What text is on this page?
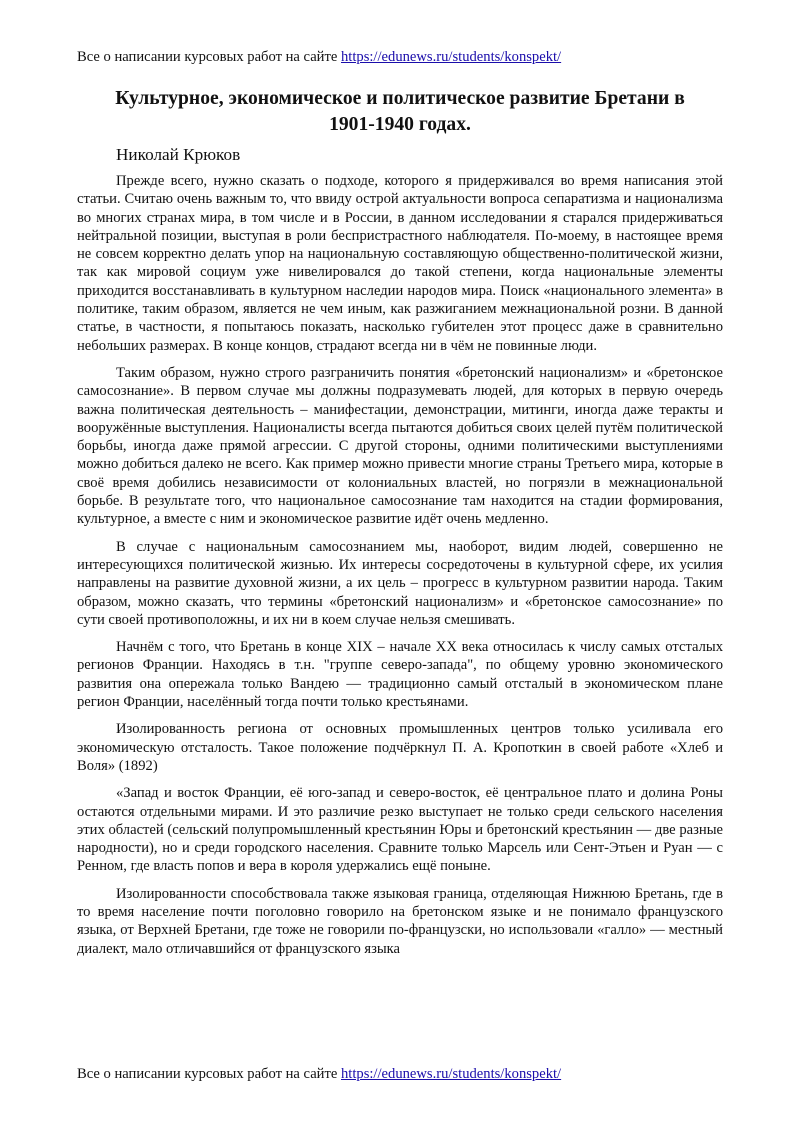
Все о написании курсовых работ на сайте https://edunews.ru/students/konspekt/
Культурное, экономическое и политическое развитие Бретани в
1901-1940 годах.
Николай Крюков

Прежде всего, нужно сказать о подходе, которого я придерживался во время написания этой статьи. Считаю очень важным то, что ввиду острой актуальности вопроса сепаратизма и национализма во многих странах мира, в том числе и в России, в данном исследовании я старался придерживаться нейтральной позиции, выступая в роли беспристрастного наблюдателя. По-моему, в настоящее время не совсем корректно делать упор на национальную составляющую общественно-политической жизни, так как мировой социум уже нивелировался до такой степени, когда национальные элементы приходится восстанавливать в культурном наследии народов мира. Поиск «национального элемента» в политике, таким образом, является не чем иным, как разжиганием межнациональной розни. В данной статье, в частности, я попытаюсь показать, насколько губителен этот процесс даже в сравнительно небольших размерах. В конце концов, страдают всегда ни в чём не повинные люди.

Таким образом, нужно строго разграничить понятия «бретонский национализм» и «бретонское самосознание». В первом случае мы должны подразумевать людей, для которых в первую очередь важна политическая деятельность – манифестации, демонстрации, митинги, иногда даже теракты и вооружённые выступления. Националисты всегда пытаются добиться своих целей путём политической борьбы, иногда даже прямой агрессии. С другой стороны, одними политическими выступлениями можно добиться далеко не всего. Как пример можно привести многие страны Третьего мира, которые в своё время добились независимости от колониальных властей, но погрязли в межнациональной борьбе. В результате того, что национальное самосознание там находится на стадии формирования, культурное, а вместе с ним и экономическое развитие идёт очень медленно.

В случае с национальным самосознанием мы, наоборот, видим людей, совершенно не интересующихся политической жизнью. Их интересы сосредоточены в культурной сфере, их усилия направлены на развитие духовной жизни, а их цель – прогресс в культурном развитии народа. Таким образом, можно сказать, что термины «бретонский национализм» и «бретонское самосознание» по сути своей противоположны, и их ни в коем случае нельзя смешивать.

Начнём с того, что Бретань в конце XIX – начале XX века относилась к числу самых отсталых регионов Франции. Находясь в т.н. "группе северо-запада", по общему уровню экономического развития она опережала только Вандею — традиционно самый отсталый в экономическом плане регион Франции, населённый тогда почти только крестьянами.

Изолированность региона от основных промышленных центров только усиливала его экономическую отсталость. Такое положение подчёркнул П. А. Кропоткин в своей работе «Хлеб и Воля» (1892)

«Запад и восток Франции, её юго-запад и северо-восток, её центральное плато и долина Роны остаются отдельными мирами. И это различие резко выступает не только среди сельского населения этих областей (сельский полупромышленный крестьянин Юры и бретонский крестьянин — две разные народности), но и среди городского населения. Сравните только Марсель или Сент-Этьен и Руан — с Ренном, где власть попов и вера в короля удержались ещё поныне.

Изолированности способствовала также языковая граница, отделяющая Нижнюю Бретань, где в то время население почти поголовно говорило на бретонском языке и не понимало французского языка, от Верхней Бретани, где тоже не говорили по-французски, но использовали «галло» — местный диалект, мало отличавшийся от французского языка

Все о написании курсовых работ на сайте https://edunews.ru/students/konspekt/
